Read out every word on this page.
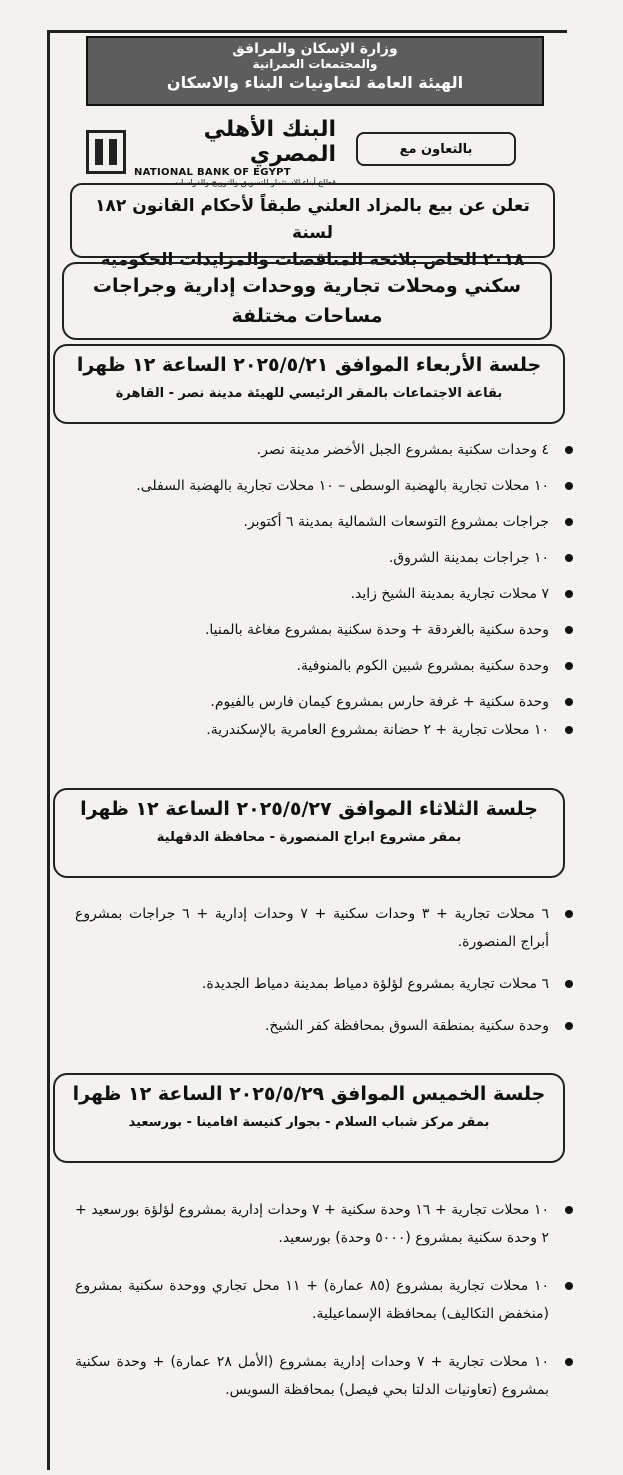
وزارة الإسكان والمرافق
والمجتمعات العمرانية
الهيئة العامة لتعاونيات البناء والاسكان
البنك الأهلي المصري
NATIONAL BANK OF EGYPT
قطاع أبناء الاستثمار للتسويق والترويج والدراسات
بالتعاون مع
تعلن عن بيع بالمزاد العلني طبقاً لأحكام القانون ١٨٢ لسنة
٢٠١٨ الخاص بلائحة المناقصات والمزايدات الحكومية
سكني ومحلات تجارية ووحدات إدارية وجراجات
مساحات مختلفة
جلسة الأربعاء الموافق ٢٠٢٥/٥/٢١ الساعة ١٢ ظهرا
بقاعة الاجتماعات بالمقر الرئيسي للهيئة مدينة نصر - القاهرة
٤ وحدات سكنية بمشروع الجبل الأخضر مدينة نصر.
١٠ محلات تجارية بالهضبة الوسطى – ١٠ محلات تجارية بالهضبة السفلى.
جراجات بمشروع التوسعات الشمالية بمدينة ٦ أكتوبر.
١٠ جراجات بمدينة الشروق.
٧ محلات تجارية بمدينة الشيخ زايد.
وحدة سكنية بالغردقة + وحدة سكنية بمشروع مغاغة بالمنيا.
وحدة سكنية بمشروع شبين الكوم بالمنوفية.
وحدة سكنية + غرفة حارس بمشروع كيمان فارس بالفيوم.
١٠ محلات تجارية + ٢ حضانة بمشروع العامرية بالإسكندرية.
جلسة الثلاثاء الموافق ٢٠٢٥/٥/٢٧ الساعة ١٢ ظهرا
بمقر مشروع ابراج المنصورة - محافظة الدقهلية
٦ محلات تجارية + ٣ وحدات سكنية + ٧ وحدات إدارية + ٦ جراجات بمشروع أبراج المنصورة.
٦ محلات تجارية بمشروع لؤلؤة دمياط بمدينة دمياط الجديدة.
وحدة سكنية بمنطقة السوق بمحافظة كفر الشيخ.
جلسة الخميس الموافق ٢٠٢٥/٥/٢٩ الساعة ١٢ ظهرا
بمقر مركز شباب السلام - بجوار كنيسة افامينا - بورسعيد
١٠ محلات تجارية + ١٦ وحدة سكنية + ٧ وحدات إدارية بمشروع لؤلؤة بورسعيد + ٢ وحدة سكنية بمشروع (٥٠٠٠ وحدة) بورسعيد.
١٠ محلات تجارية بمشروع (٨٥ عمارة) + ١١ محل تجاري ووحدة سكنية بمشروع (منخفض التكاليف) بمحافظة الإسماعيلية.
١٠ محلات تجارية + ٧ وحدات إدارية بمشروع (الأمل ٢٨ عمارة) + وحدة سكنية بمشروع (تعاونيات الدلتا بحي فيصل) بمحافظة السويس.
